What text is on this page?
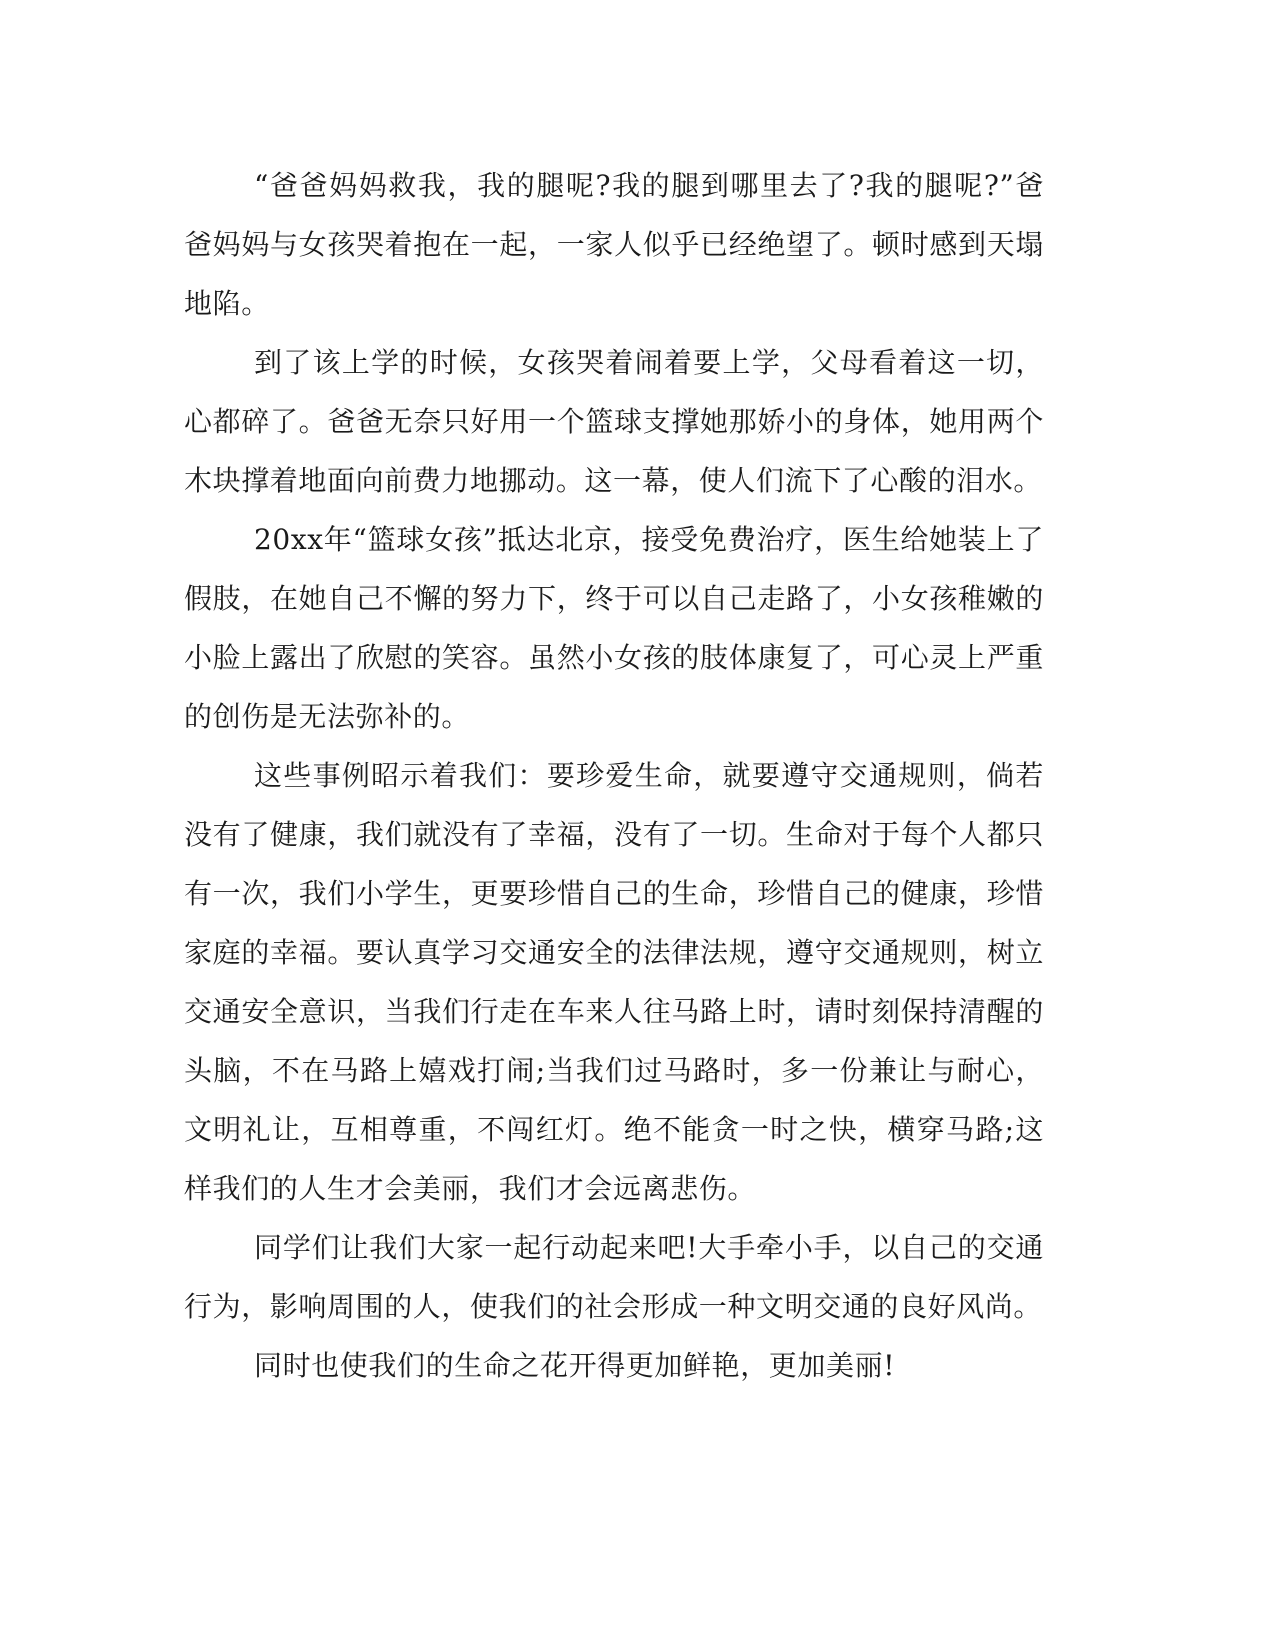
“爸爸妈妈救我，我的腿呢?我的腿到哪里去了?我的腿呢?”爸爸妈妈与女孩哭着抱在一起，一家人似乎已经绝望了。顿时感到天塌地陷。

到了该上学的时候，女孩哭着闹着要上学，父母看着这一切，心都碎了。爸爸无奈只好用一个篮球支撑她那娇小的身体，她用两个木块撑着地面向前费力地挪动。这一幕，使人们流下了心酸的泪水。

20xx年“篮球女孩”抵达北京，接受免费治疗，医生给她装上了假肢，在她自己不懈的努力下，终于可以自己走路了，小女孩稚嫩的小脸上露出了欣慰的笑容。虽然小女孩的肢体康复了，可心灵上严重的创伤是无法弥补的。

这些事例昭示着我们：要珍爱生命，就要遵守交通规则，倘若没有了健康，我们就没有了幸福，没有了一切。生命对于每个人都只有一次，我们小学生，更要珍惜自己的生命，珍惜自己的健康，珍惜家庭的幸福。要认真学习交通安全的法律法规，遵守交通规则，树立交通安全意识，当我们行走在车来人往马路上时，请时刻保持清醒的头脑，不在马路上嬉戏打闹;当我们过马路时，多一份兼让与耐心，文明礼让，互相尊重，不闯红灯。绝不能贪一时之快，横穿马路;这样我们的人生才会美丽，我们才会远离悲伤。

同学们让我们大家一起行动起来吧!大手牵小手，以自己的交通行为，影响周围的人，使我们的社会形成一种文明交通的良好风尚。

同时也使我们的生命之花开得更加鲜艳，更加美丽!
